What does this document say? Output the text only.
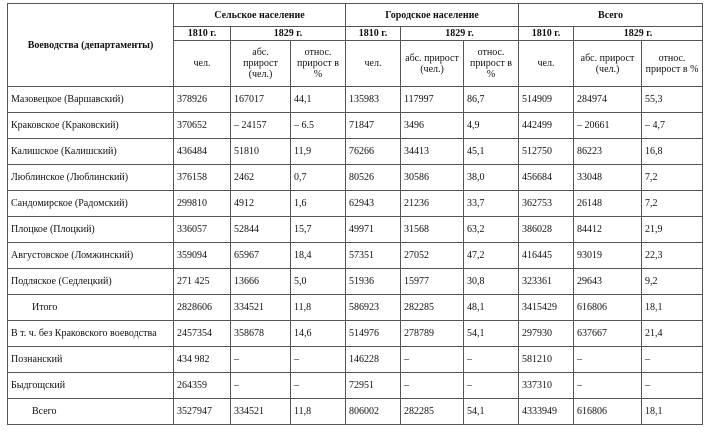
Воеводства (департаменты)	Сельское население			Городское население			Всего		
	1810 г.	1829 г.		1810 г.	1829 г.		1810 г.	1829 г.	
	чел.	абс. прирост (чел.)	относ. прирост в %	чел.	абс. прирост (чел.)	относ. прирост в %	чел.	абс. прирост (чел.)	относ. прирост в %
Мазовецкое (Варшавский)	378926	167017	44,1	135983	117997	86,7	514909	284974	55,3
Краковское (Краковский)	370652	– 24157	– 6.5	71847	3496	4,9	442499	– 20661	– 4,7
Калишское (Калишский)	436484	51810	11,9	76266	34413	45,1	512750	86223	16,8
Люблинское (Люблинский)	376158	2462	0,7	80526	30586	38,0	456684	33048	7,2
Сандомирское (Радомский)	299810	4912	1,6	62943	21236	33,7	362753	26148	7,2
Плоцкое (Плоцкий)	336057	52844	15,7	49971	31568	63,2	386028	84412	21,9
Августовское (Ломжинский)	359094	65967	18,4	57351	27052	47,2	416445	93019	22,3
Подляское (Седлецкий)	271 425	13666	5,0	51936	15977	30,8	323361	29643	9,2
Итого	2828606	334521	11,8	586923	282285	48,1	3415429	616806	18,1
В т. ч. без Краковского воеводства	2457354	358678	14,6	514976	278789	54,1	297930	637667	21,4
Познанский	434 982	–	–	146228	–	–	581210	–	–
Быдгощский	264359	–	–	72951	–	–	337310	–	–
Всего	3527947	334521	11,8	806002	282285	54,1	4333949	616806	18,1
